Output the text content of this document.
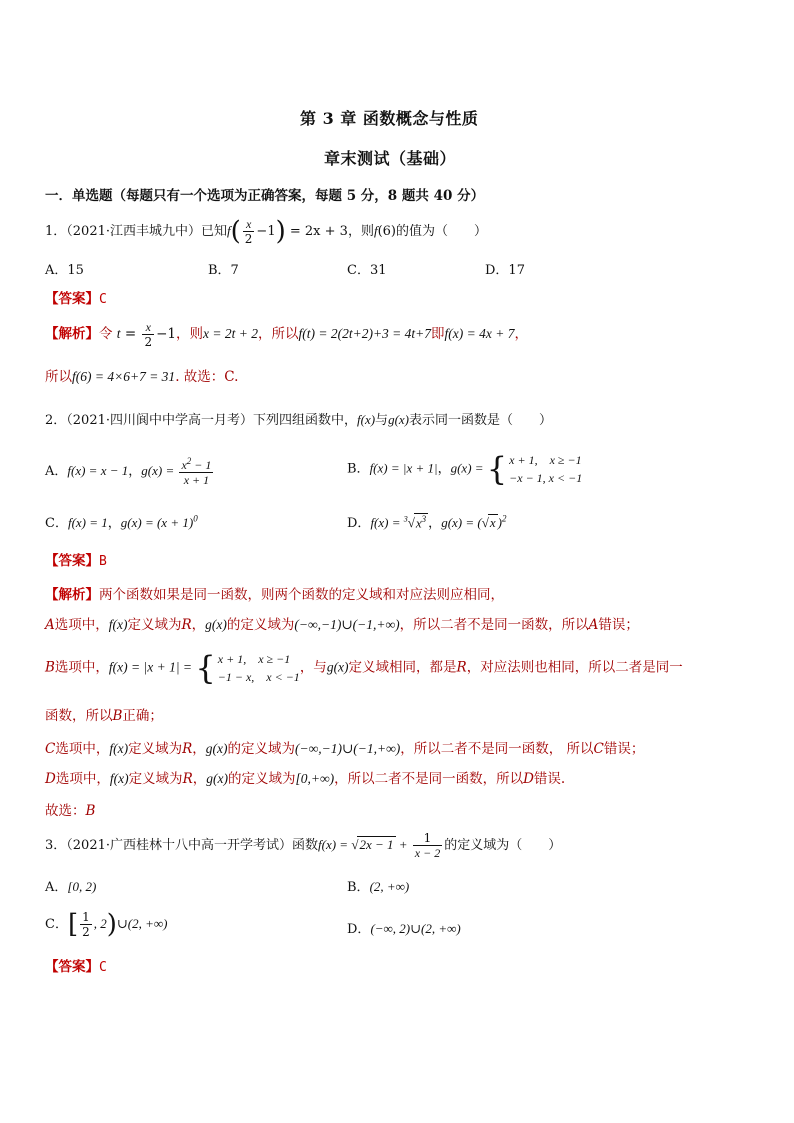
第 3 章 函数概念与性质
章末测试（基础）
一．单选题（每题只有一个选项为正确答案，每题 5 分，8 题共 40 分）
1．（2021·江西丰城九中）已知$f( \frac{x}{2} -1) = 2x + 3$，则f(6)的值为（　　）
A．15	B．7	C．31	D．17
【答案】C
【解析】令 $t = \frac{x}{2} -1$，则x = 2t + 2，所以f(t) = 2(2t+2)+3 = 4t+7即f(x) = 4x + 7，
所以f(6) = 4×6+7 = 31. 故选：C.
2．（2021·四川阆中中学高一月考）下列四组函数中，f(x)与g(x)表示同一函数是（　　）
A．f(x) = x − 1，$g(x) = \frac{x^2 - 1}{x + 1}$	B．f(x) = |x + 1|，g(x) = { x + 1,　x ≥ −1
−x − 1, x < −1
C．f(x) = 1，$g(x) = (x + 1)^0$	D．$f(x) = ^3√x^3$ ，g(x) = (√x )$^2$
【答案】B
【解析】两个函数如果是同一函数，则两个函数的定义域和对应法则应相同，
A选项中，f(x)定义域为R，g(x)的定义域为(−∞,−1)∪(−1,+∞)，所以二者不是同一函数，所以A错误；
B选项中，f(x) = |x + 1| = { x + 1,　x ≥ −1
−1 − x,　x < −1
，与g(x)定义域相同，都是R，对应法则也相同，所以二者是同一
函数，所以B正确；
C选项中，f(x)定义域为R，g(x)的定义域为(−∞,−1)∪(−1,+∞)，所以二者不是同一函数， 所以C错误；
D选项中，f(x)定义域为R，g(x)的定义域为[0,+∞)，所以二者不是同一函数，所以D错误.
故选：B
3．（2021·广西桂林十八中高一开学考试）函数$f(x) = √2x - 1 + \frac{1}{x - 2}$ 的定义域为（　　）
A．[0, 2)	B．(2, +∞)
C．[ $\frac{1}{2}$ , 2)∪(2, +∞)	D．(−∞, 2)∪(2, +∞)
【答案】C
